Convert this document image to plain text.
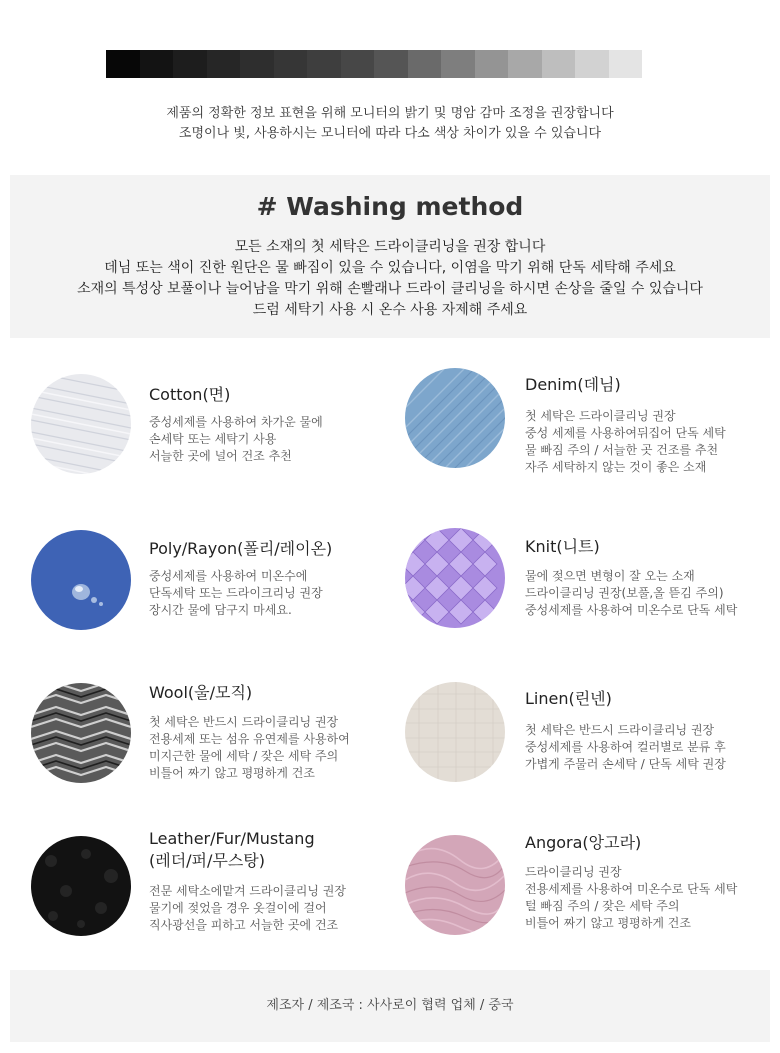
제품의 정확한 정보 표현을 위해 모니터의 밝기 및 명암 감마 조정을 권장합니다
조명이나 빛, 사용하시는 모니터에 따라 다소 색상 차이가 있을 수 있습니다
# Washing method
모든 소재의 첫 세탁은 드라이클리닝을 권장 합니다
데님 또는 색이 진한 원단은 물 빠짐이 있을 수 있습니다, 이염을 막기 위해 단독 세탁해 주세요
소재의 특성상 보풀이나 늘어남을 막기 위해 손빨래나 드라이 클리닝을 하시면 손상을 줄일 수 있습니다
드럼 세탁기 사용 시 온수 사용 자제해 주세요
Cotton(면)
중성세제를 사용하여 차가운 물에
손세탁 또는 세탁기 사용
서늘한 곳에 널어 건조 추천
Denim(데님)
첫 세탁은 드라이클리닝 권장
중성 세제를 사용하여뒤집어 단독 세탁
물 빠짐 주의 / 서늘한 곳 건조를 추천
자주 세탁하지 않는 것이 좋은 소재
Poly/Rayon(폴리/레이온)
중성세제를 사용하여 미온수에
단독세탁 또는 드라이크리닝 권장
장시간 물에 담구지 마세요.
Knit(니트)
물에 젖으면 변형이 잘 오는 소재
드라이클리닝 권장(보풀,올 뜯김 주의)
중성세제를 사용하여 미온수로 단독 세탁
Wool(울/모직)
첫 세탁은 반드시 드라이클리닝 권장
전용세제 또는 섬유 유연제를 사용하여
미지근한 물에 세탁 / 잦은 세탁 주의
비틀어 짜기 않고 평평하게 건조
Linen(린넨)
첫 세탁은 반드시 드라이클리닝 권장
중성세제를 사용하여 컬러별로 분류 후
가볍게 주물러 손세탁 / 단독 세탁 권장
Leather/Fur/Mustang
(레더/퍼/무스탕)
전문 세탁소에맡겨 드라이클리닝 권장
물기에 젖었을 경우 옷걸이에 걸어
직사광선을 피하고 서늘한 곳에 건조
Angora(앙고라)
드라이클리닝 권장
전용세제를 사용하여 미온수로 단독 세탁
털 빠짐 주의 / 잦은 세탁 주의
비틀어 짜기 않고 평평하게 건조
제조자 / 제조국 : 사사로이 협력 업체 / 중국
